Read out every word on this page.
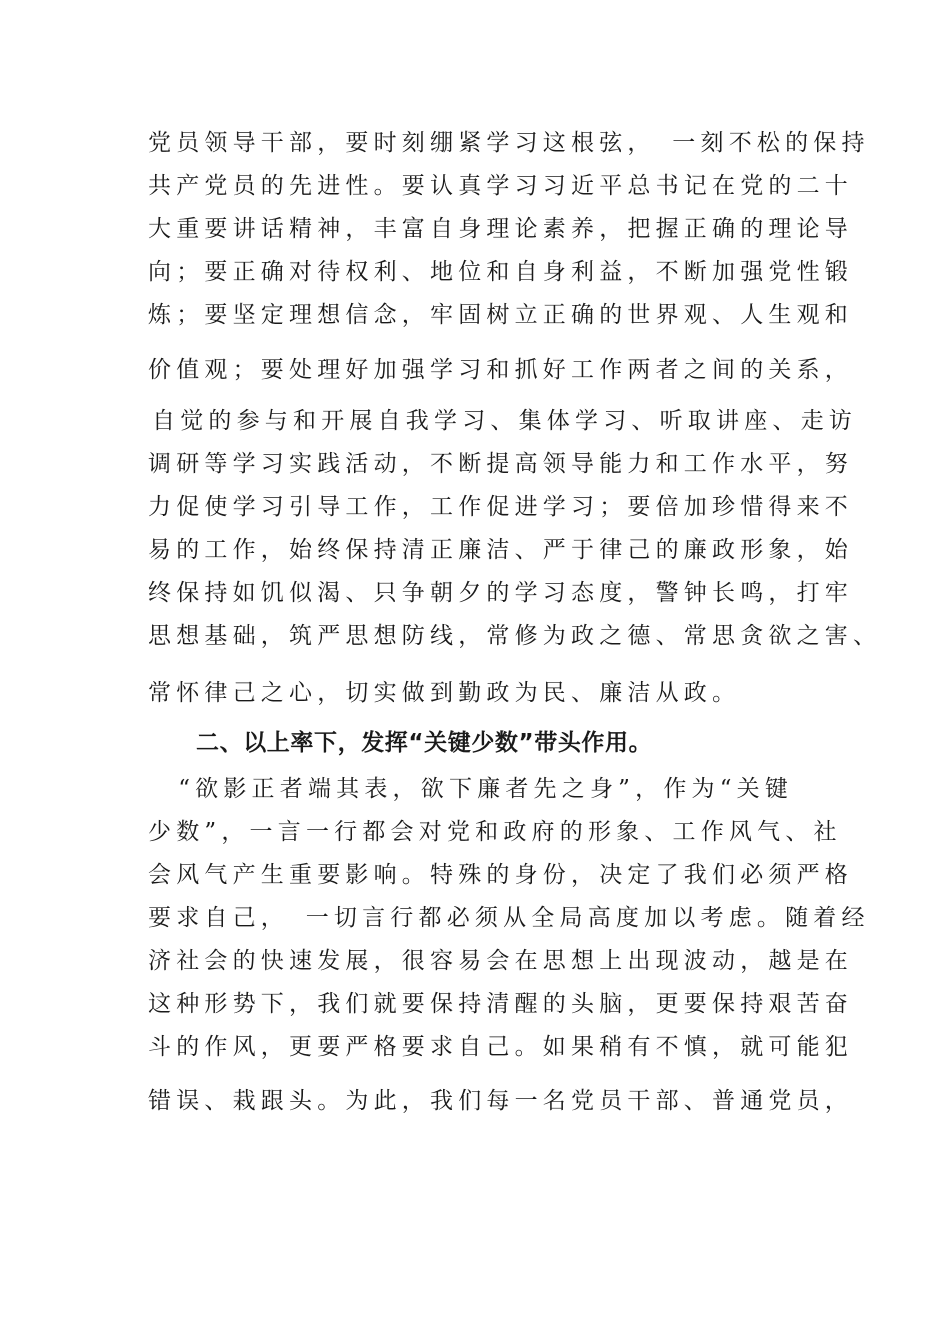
党员领导干部，要时刻绷紧学习这根弦，　一刻不松的保持
共产党员的先进性。要认真学习习近平总书记在党的二十
大重要讲话精神，丰富自身理论素养，把握正确的理论导
向；要正确对待权利、地位和自身利益，不断加强党性锻
炼；要坚定理想信念，牢固树立正确的世界观、人生观和
价值观；要处理好加强学习和抓好工作两者之间的关系，
自觉的参与和开展自我学习、集体学习、听取讲座、走访
调研等学习实践活动，不断提高领导能力和工作水平，努
力促使学习引导工作，工作促进学习；要倍加珍惜得来不
易的工作，始终保持清正廉洁、严于律己的廉政形象，始
终保持如饥似渴、只争朝夕的学习态度，警钟长鸣，打牢
思想基础，筑严思想防线，常修为政之德、常思贪欲之害、
常怀律己之心，切实做到勤政为民、廉洁从政。
二、以上率下，发挥“关键少数”带头作用。
　“欲影正者端其表，欲下廉者先之身”，作为“关键
少数”，一言一行都会对党和政府的形象、工作风气、社
会风气产生重要影响。特殊的身份，决定了我们必须严格
要求自己，　一切言行都必须从全局高度加以考虑。随着经
济社会的快速发展，很容易会在思想上出现波动，越是在
这种形势下，我们就要保持清醒的头脑，更要保持艰苦奋
斗的作风，更要严格要求自己。如果稍有不慎，就可能犯
错误、栽跟头。为此，我们每一名党员干部、普通党员，
